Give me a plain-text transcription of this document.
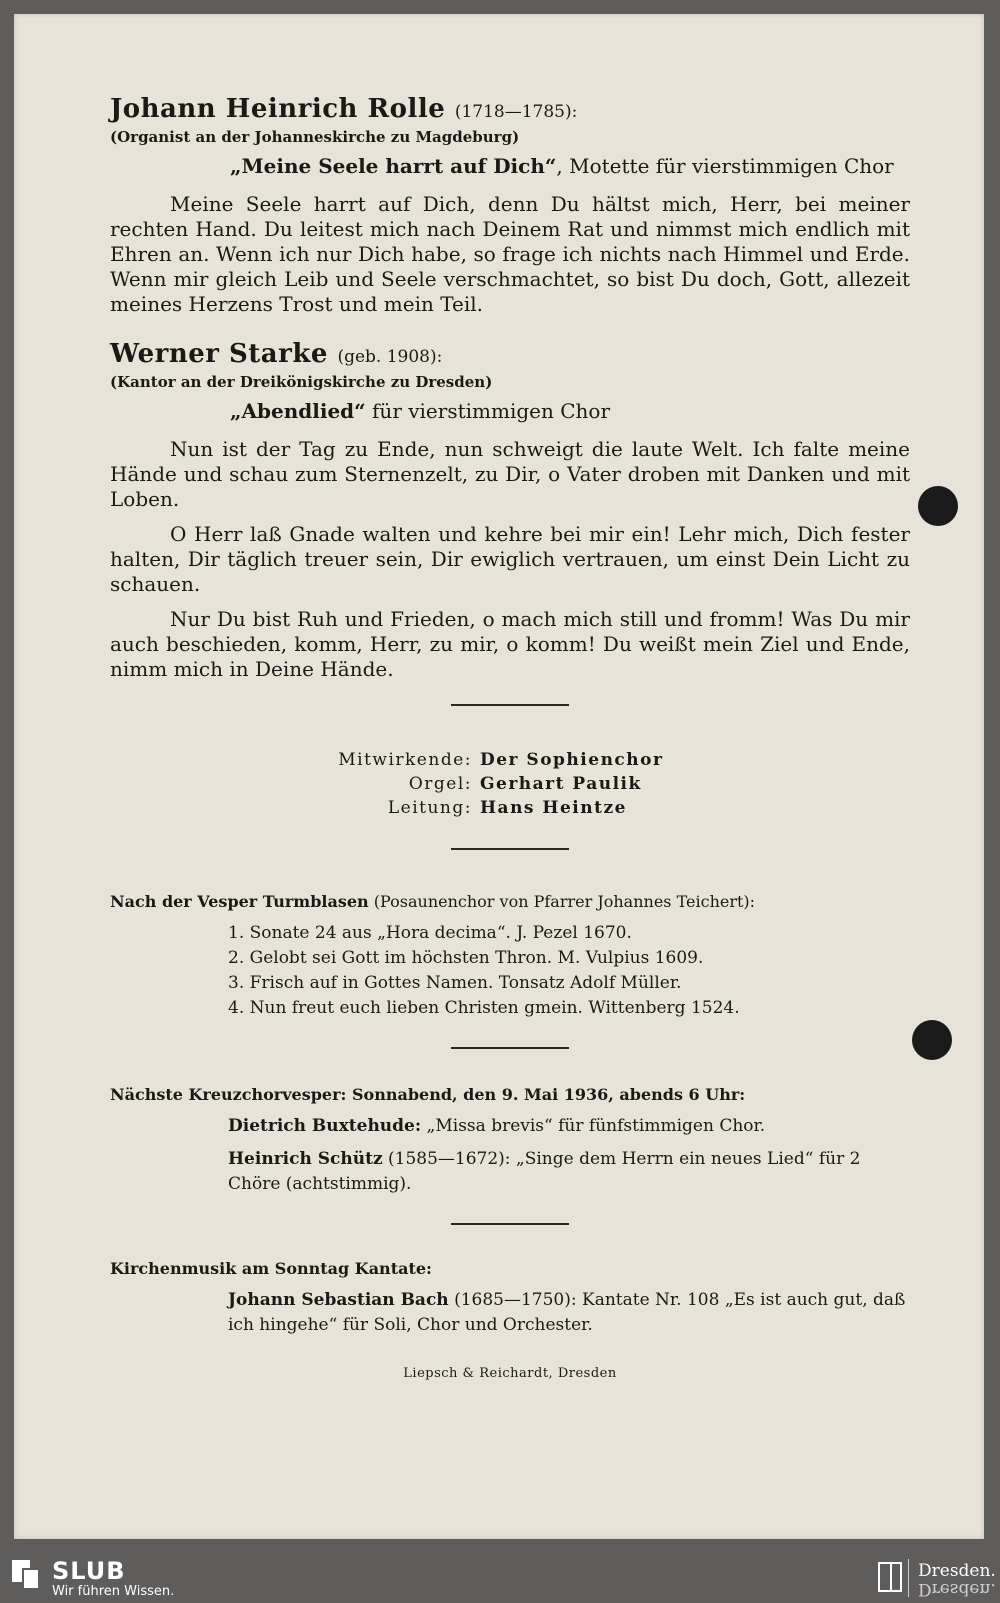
Johann Heinrich Rolle (1718—1785):
(Organist an der Johanneskirche zu Magdeburg)
„Meine Seele harrt auf Dich“, Motette für vierstimmigen Chor

Meine Seele harrt auf Dich, denn Du hältst mich, Herr, bei meiner rechten Hand. Du leitest mich nach Deinem Rat und nimmst mich endlich mit Ehren an. Wenn ich nur Dich habe, so frage ich nichts nach Himmel und Erde. Wenn mir gleich Leib und Seele verschmachtet, so bist Du doch, Gott, allezeit meines Herzens Trost und mein Teil.

Werner Starke (geb. 1908):
(Kantor an der Dreikönigskirche zu Dresden)
„Abendlied“ für vierstimmigen Chor

Nun ist der Tag zu Ende, nun schweigt die laute Welt. Ich falte meine Hände und schau zum Sternenzelt, zu Dir, o Vater droben mit Danken und mit Loben.

O Herr laß Gnade walten und kehre bei mir ein! Lehr mich, Dich fester halten, Dir täglich treuer sein, Dir ewiglich vertrauen, um einst Dein Licht zu schauen.

Nur Du bist Ruh und Frieden, o mach mich still und fromm! Was Du mir auch beschieden, komm, Herr, zu mir, o komm! Du weißt mein Ziel und Ende, nimm mich in Deine Hände.

Mitwirkende: Der Sophienchor
Orgel: Gerhart Paulik
Leitung: Hans Heintze
Nach der Vesper Turmblasen (Posaunenchor von Pfarrer Johannes Teichert):
1. Sonate 24 aus „Hora decima“. J. Pezel 1670.
2. Gelobt sei Gott im höchsten Thron. M. Vulpius 1609.
3. Frisch auf in Gottes Namen. Tonsatz Adolf Müller.
4. Nun freut euch lieben Christen gmein. Wittenberg 1524.
Nächste Kreuzchorvesper: Sonnabend, den 9. Mai 1936, abends 6 Uhr:
Dietrich Buxtehude: „Missa brevis“ für fünfstimmigen Chor.
Heinrich Schütz (1585—1672): „Singe dem Herrn ein neues Lied“ für 2 Chöre (achtstimmig).
Kirchenmusik am Sonntag Kantate:
Johann Sebastian Bach (1685—1750): Kantate Nr. 108 „Es ist auch gut, daß ich hingehe“ für Soli, Chor und Orchester.
Liepsch & Reichardt, Dresden
SLUB
Wir führen Wissen.
Dresden.
Dresden.
